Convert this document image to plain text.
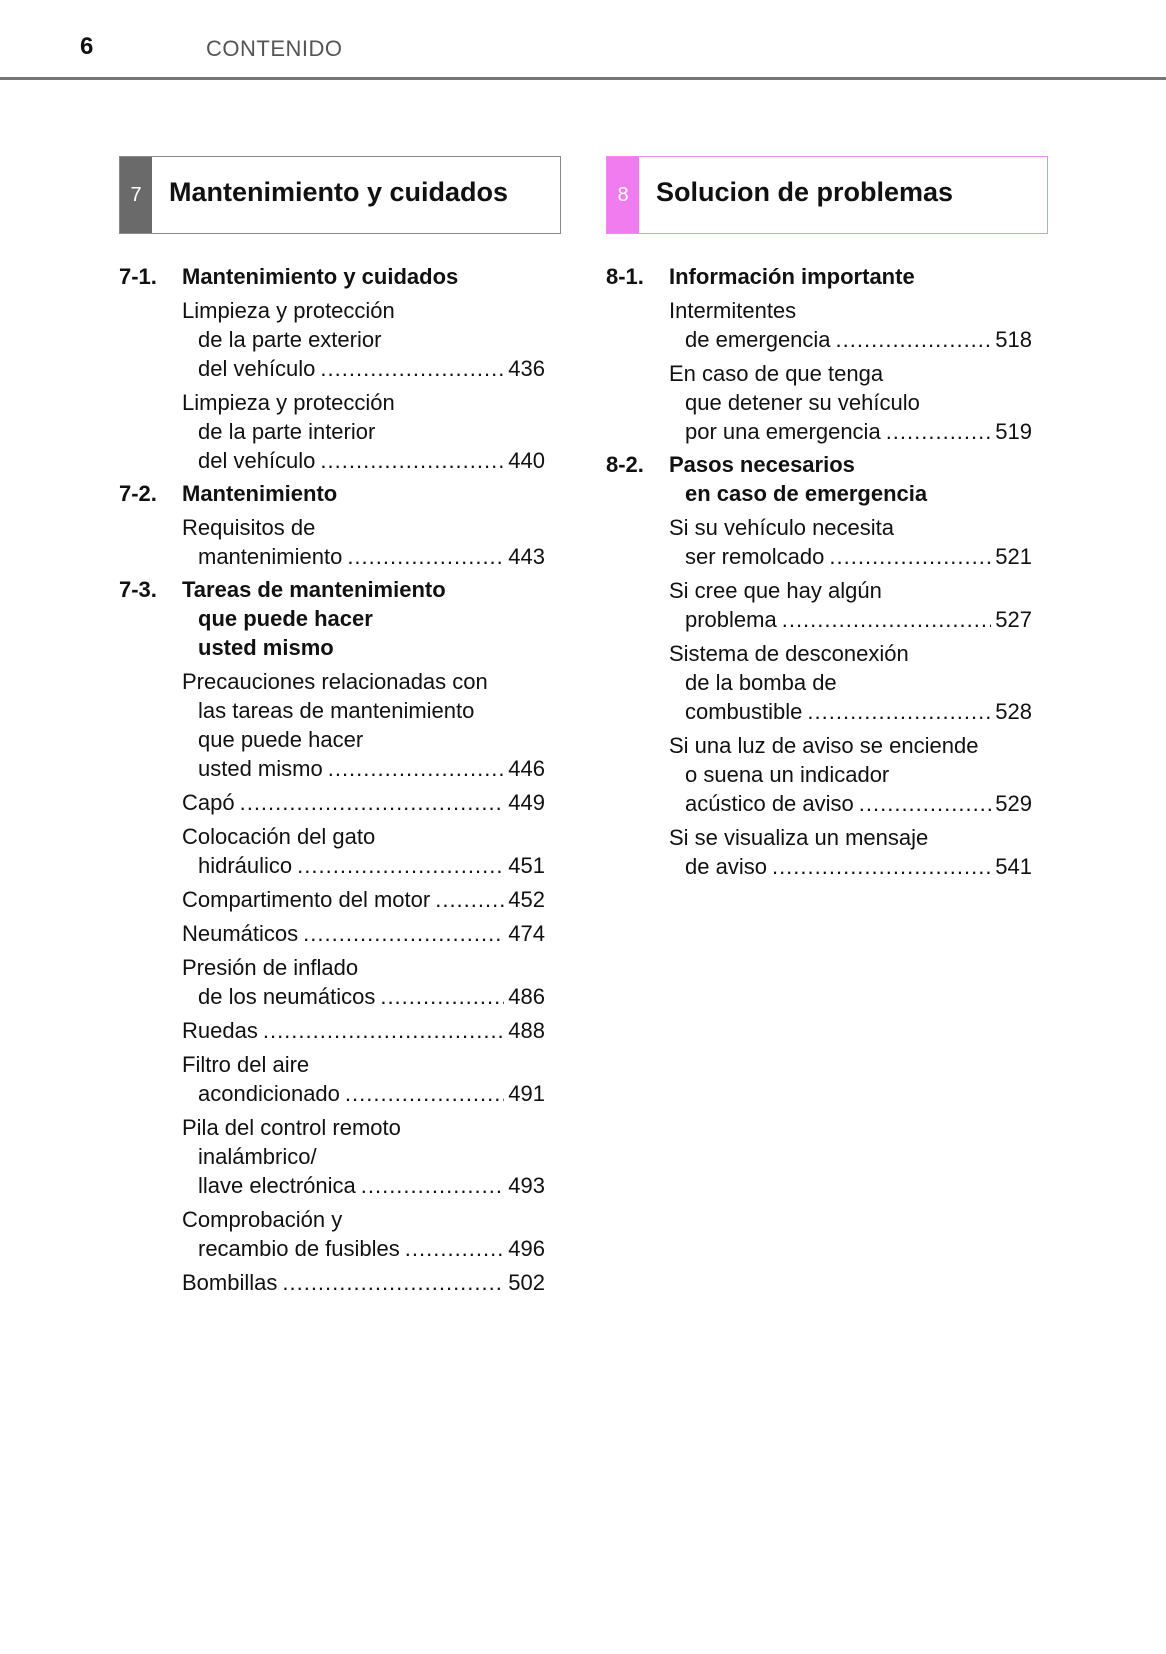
6	CONTENIDO
7	Mantenimiento y cuidados
7-1. Mantenimiento y cuidados
Limpieza y protección
de la parte exterior
del vehículo .....	436
Limpieza y protección
de la parte interior
del vehículo .....	440
7-2. Mantenimiento
Requisitos de
mantenimiento .....	443
7-3. Tareas de mantenimiento
que puede hacer
usted mismo
Precauciones relacionadas con
las tareas de mantenimiento
que puede hacer
usted mismo .....	446
Capó .....	449
Colocación del gato
hidráulico .....	451
Compartimento del motor .....	452
Neumáticos .....	474
Presión de inflado
de los neumáticos .....	486
Ruedas .....	488
Filtro del aire
acondicionado .....	491
Pila del control remoto
inalámbrico/
llave electrónica .....	493
Comprobación y
recambio de fusibles .....	496
Bombillas .....	502
8	Solucion de problemas
8-1. Información importante
Intermitentes
de emergencia .....	518
En caso de que tenga
que detener su vehículo
por una emergencia .....	519
8-2. Pasos necesarios
en caso de emergencia
Si su vehículo necesita
ser remolcado .....	521
Si cree que hay algún
problema .....	527
Sistema de desconexión
de la bomba de
combustible .....	528
Si una luz de aviso se enciende
o suena un indicador
acústico de aviso .....	529
Si se visualiza un mensaje
de aviso .....	541
